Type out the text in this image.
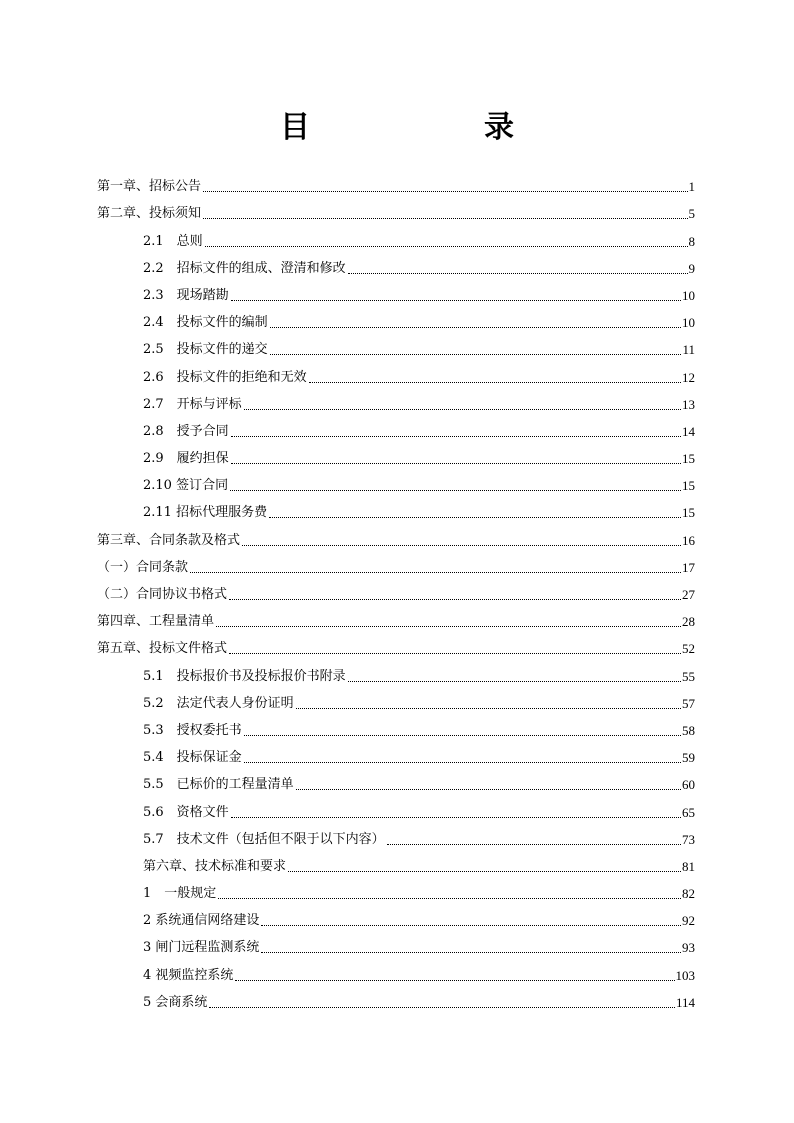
目　录
第一章、招标公告	1
第二章、投标须知	5
2.1　总则	8
2.2　招标文件的组成、澄清和修改	9
2.3　现场踏勘	10
2.4　投标文件的编制	10
2.5　投标文件的递交	11
2.6　投标文件的拒绝和无效	12
2.7　开标与评标	13
2.8　授予合同	14
2.9　履约担保	15
2.10 签订合同	15
2.11 招标代理服务费	15
第三章、合同条款及格式	16
（一）合同条款	17
（二）合同协议书格式	27
第四章、工程量清单	28
第五章、投标文件格式	52
5.1　投标报价书及投标报价书附录	55
5.2　法定代表人身份证明	57
5.3　授权委托书	58
5.4　投标保证金	59
5.5　已标价的工程量清单	60
5.6　资格文件	65
5.7　技术文件（包括但不限于以下内容）	73
第六章、技术标准和要求	81
1　一般规定	82
2 系统通信网络建设	92
3 闸门远程监测系统	93
4 视频监控系统	103
5 会商系统	114
